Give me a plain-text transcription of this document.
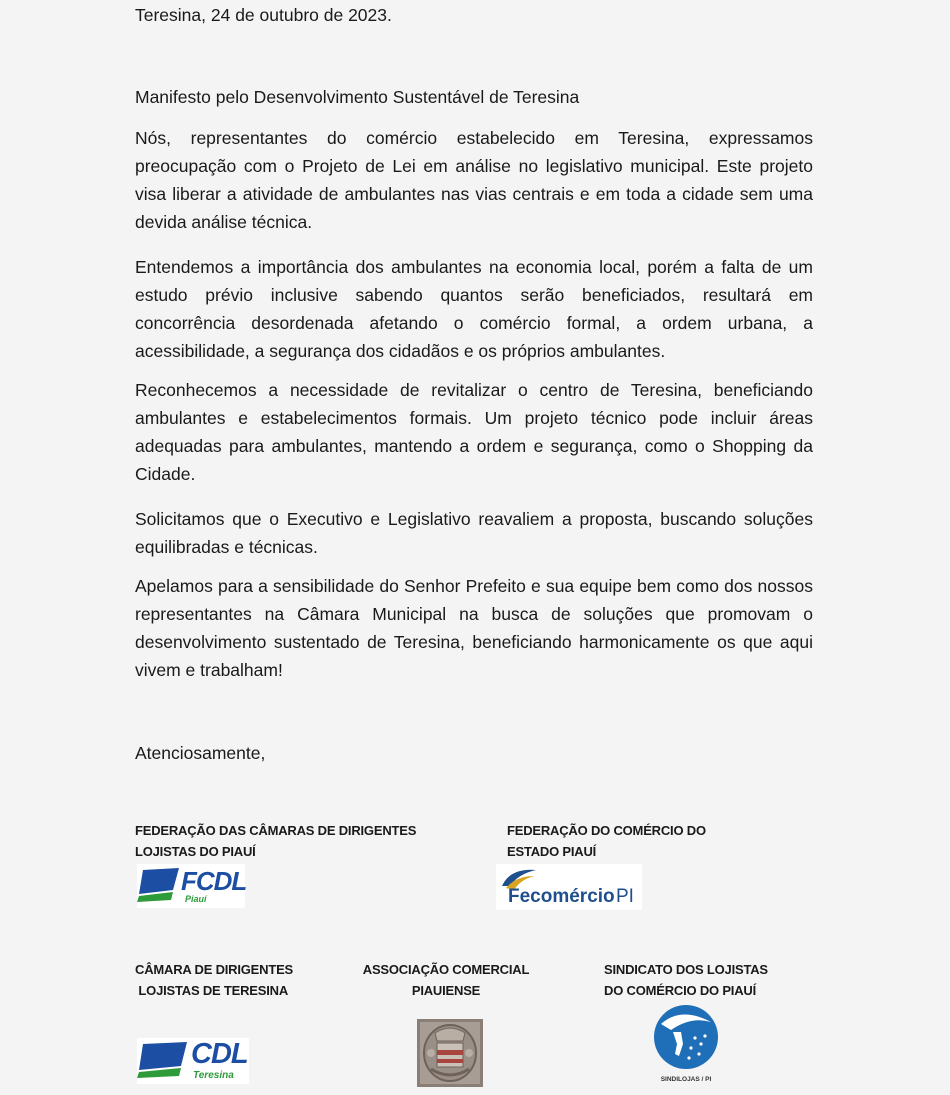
Teresina, 24 de outubro de 2023.
Manifesto pelo Desenvolvimento Sustentável de Teresina
Nós, representantes do comércio estabelecido em Teresina, expressamos preocupação com o Projeto de Lei em análise no legislativo municipal. Este projeto visa liberar a atividade de ambulantes nas vias centrais e em toda a cidade sem uma devida análise técnica.
Entendemos a importância dos ambulantes na economia local, porém a falta de um estudo prévio inclusive sabendo quantos serão beneficiados, resultará em concorrência desordenada afetando o comércio formal, a ordem urbana, a acessibilidade, a segurança dos cidadãos e os próprios ambulantes.
Reconhecemos a necessidade de revitalizar o centro de Teresina, beneficiando ambulantes e estabelecimentos formais. Um projeto técnico pode incluir áreas adequadas para ambulantes, mantendo a ordem e segurança, como o Shopping da Cidade.
Solicitamos que o Executivo e Legislativo reavaliem a proposta, buscando soluções equilibradas e técnicas.
Apelamos para a sensibilidade do Senhor Prefeito e sua equipe bem como dos nossos representantes na Câmara Municipal na busca de soluções que promovam o desenvolvimento sustentado de Teresina, beneficiando harmonicamente os que aqui vivem e trabalham!
Atenciosamente,
FEDERAÇÃO DAS CÂMARAS DE DIRIGENTES
LOJISTAS DO PIAUÍ
FCDL
Piauí
FEDERAÇÃO DO COMÉRCIO DO
ESTADO PIAUÍ
Fecomércio PI
CÂMARA DE DIRIGENTES
LOJISTAS DE TERESINA
CDL
Teresina
ASSOCIAÇÃO COMERCIAL
PIAUIENSE
SINDICATO DOS LOJISTAS
DO COMÉRCIO DO PIAUÍ
SINDILOJAS / PI
